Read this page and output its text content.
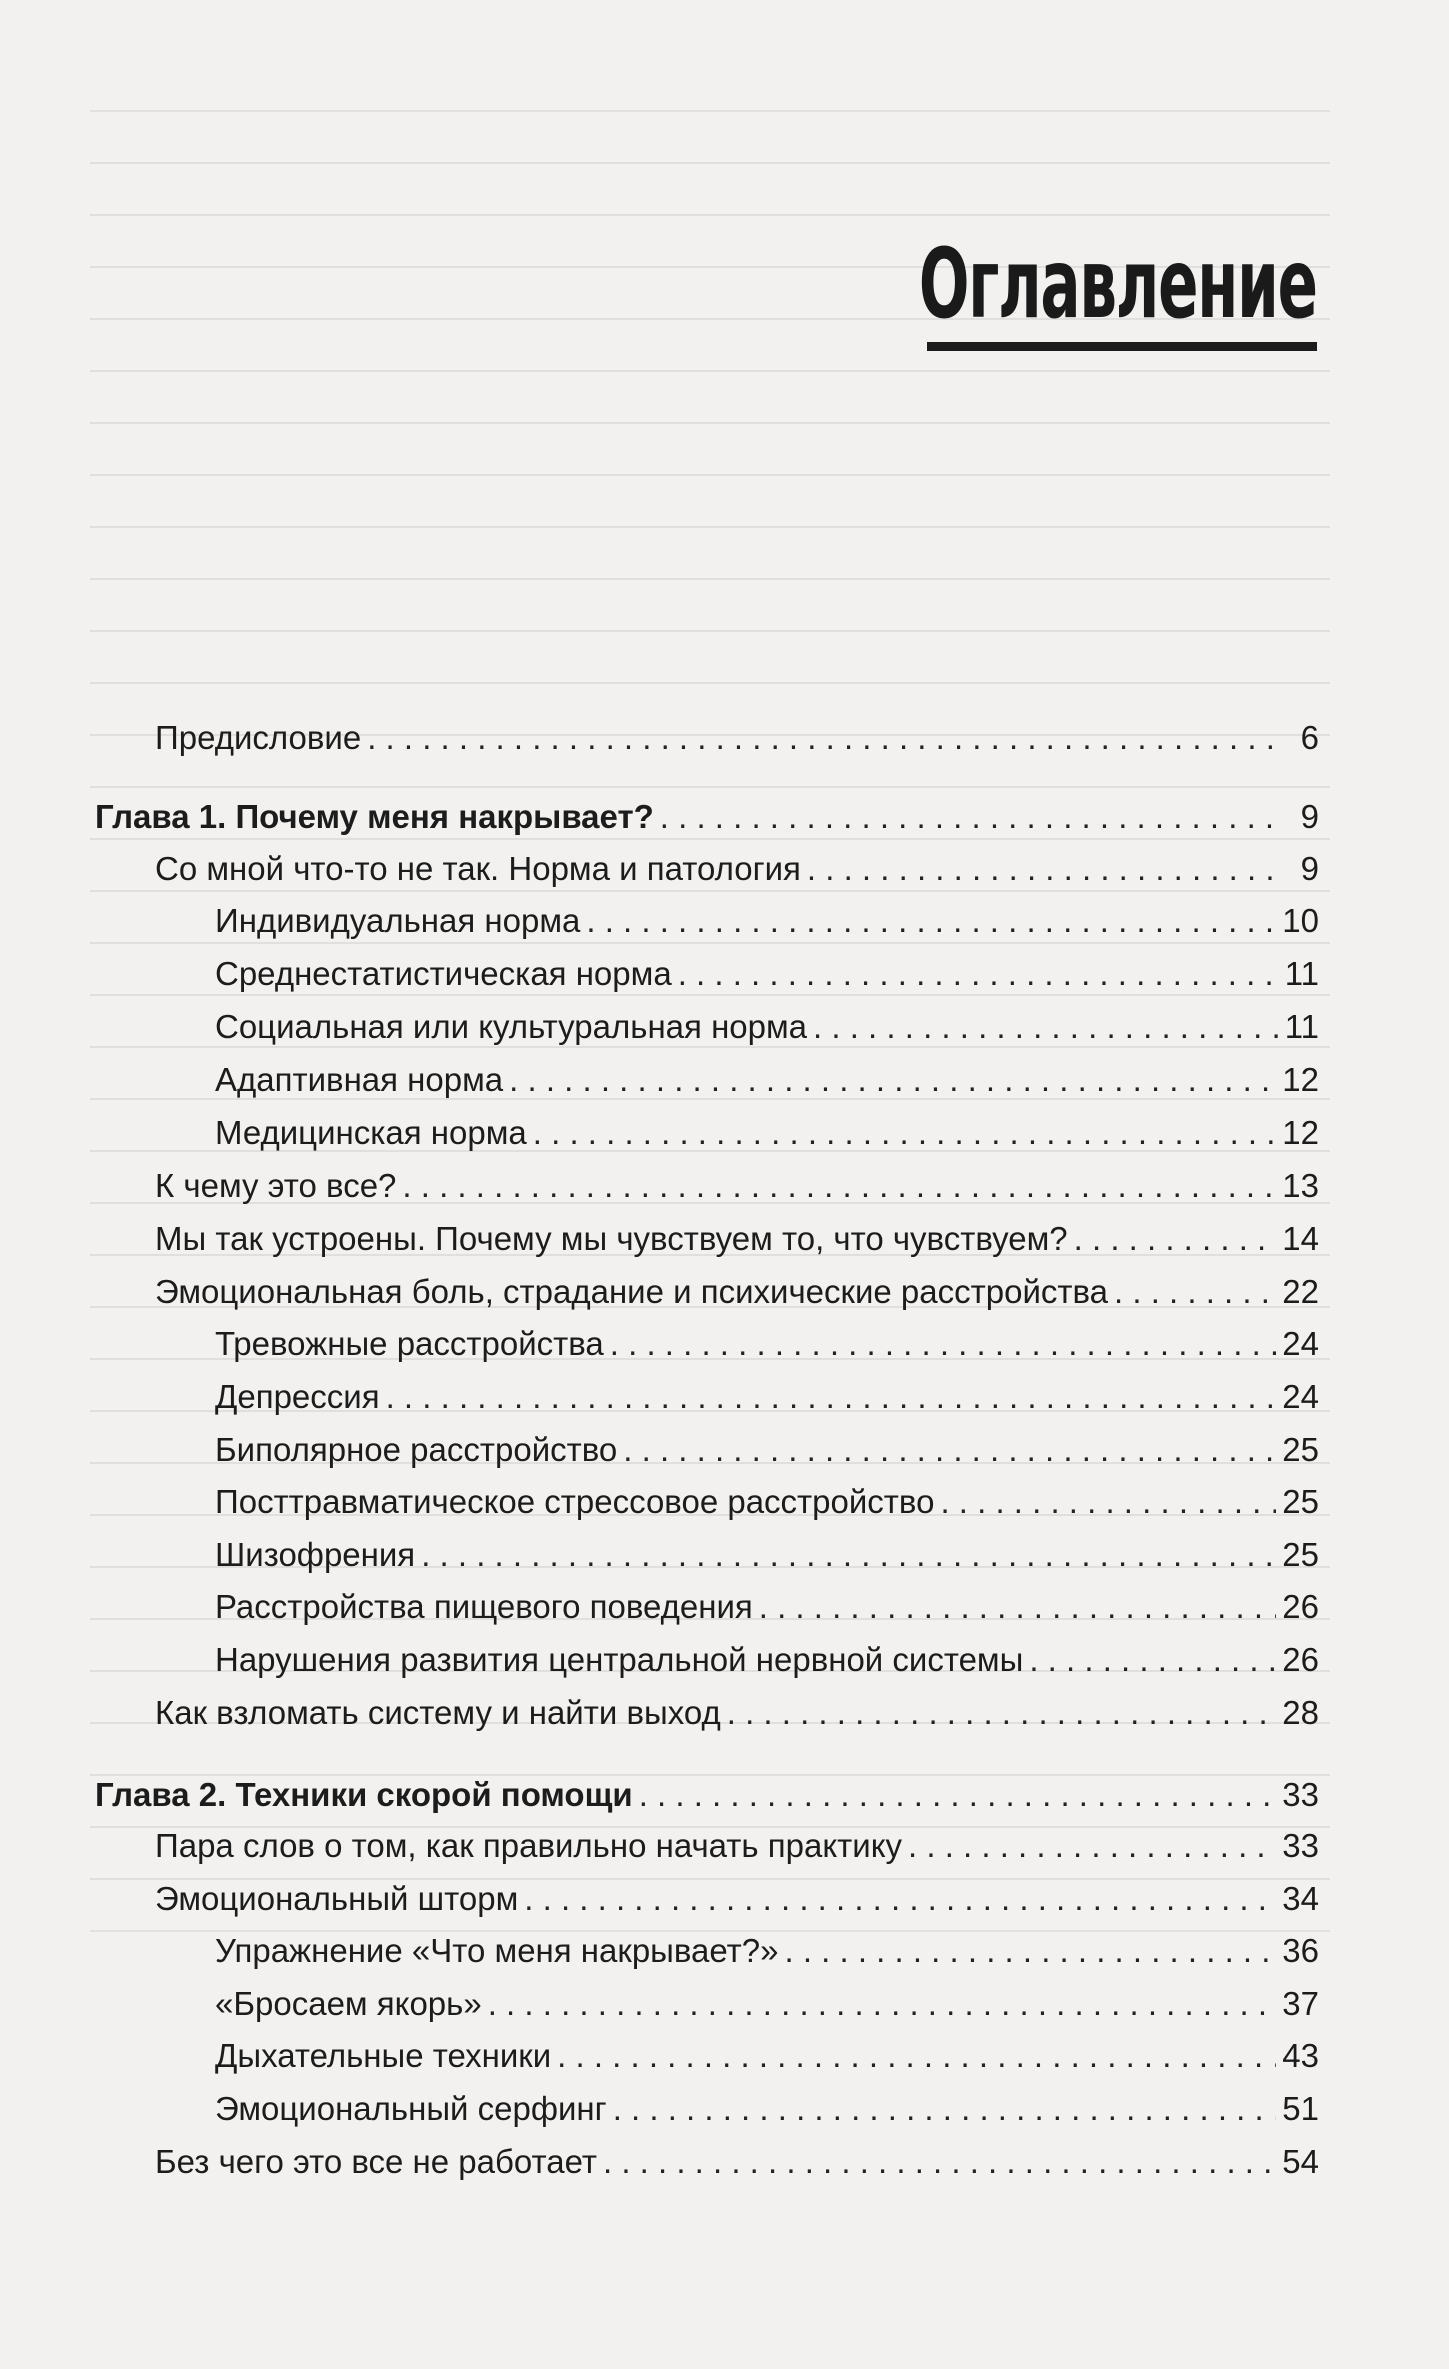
Оглавление
Предисловие . . .	6
Глава 1. Почему меня накрывает? . . .	9
Со мной что-то не так. Норма и патология . . .	9
Индивидуальная норма . . .	10
Среднестатистическая норма . . .	11
Социальная или культуральная норма . . .	11
Адаптивная норма . . .	12
Медицинская норма . . .	12
К чему это все? . . .	13
Мы так устроены. Почему мы чувствуем то, что чувствуем? . . .	14
Эмоциональная боль, страдание и психические расстройства . . .	22
Тревожные расстройства . . .	24
Депрессия . . .	24
Биполярное расстройство . . .	25
Посттравматическое стрессовое расстройство . . .	25
Шизофрения . . .	25
Расстройства пищевого поведения . . .	26
Нарушения развития центральной нервной системы . . .	26
Как взломать систему и найти выход . . .	28
Глава 2. Техники скорой помощи . . .	33
Пара слов о том, как правильно начать практику . . .	33
Эмоциональный шторм . . .	34
Упражнение «Что меня накрывает?» . . .	36
«Бросаем якорь» . . .	37
Дыхательные техники . . .	43
Эмоциональный серфинг . . .	51
Без чего это все не работает . . .	54
